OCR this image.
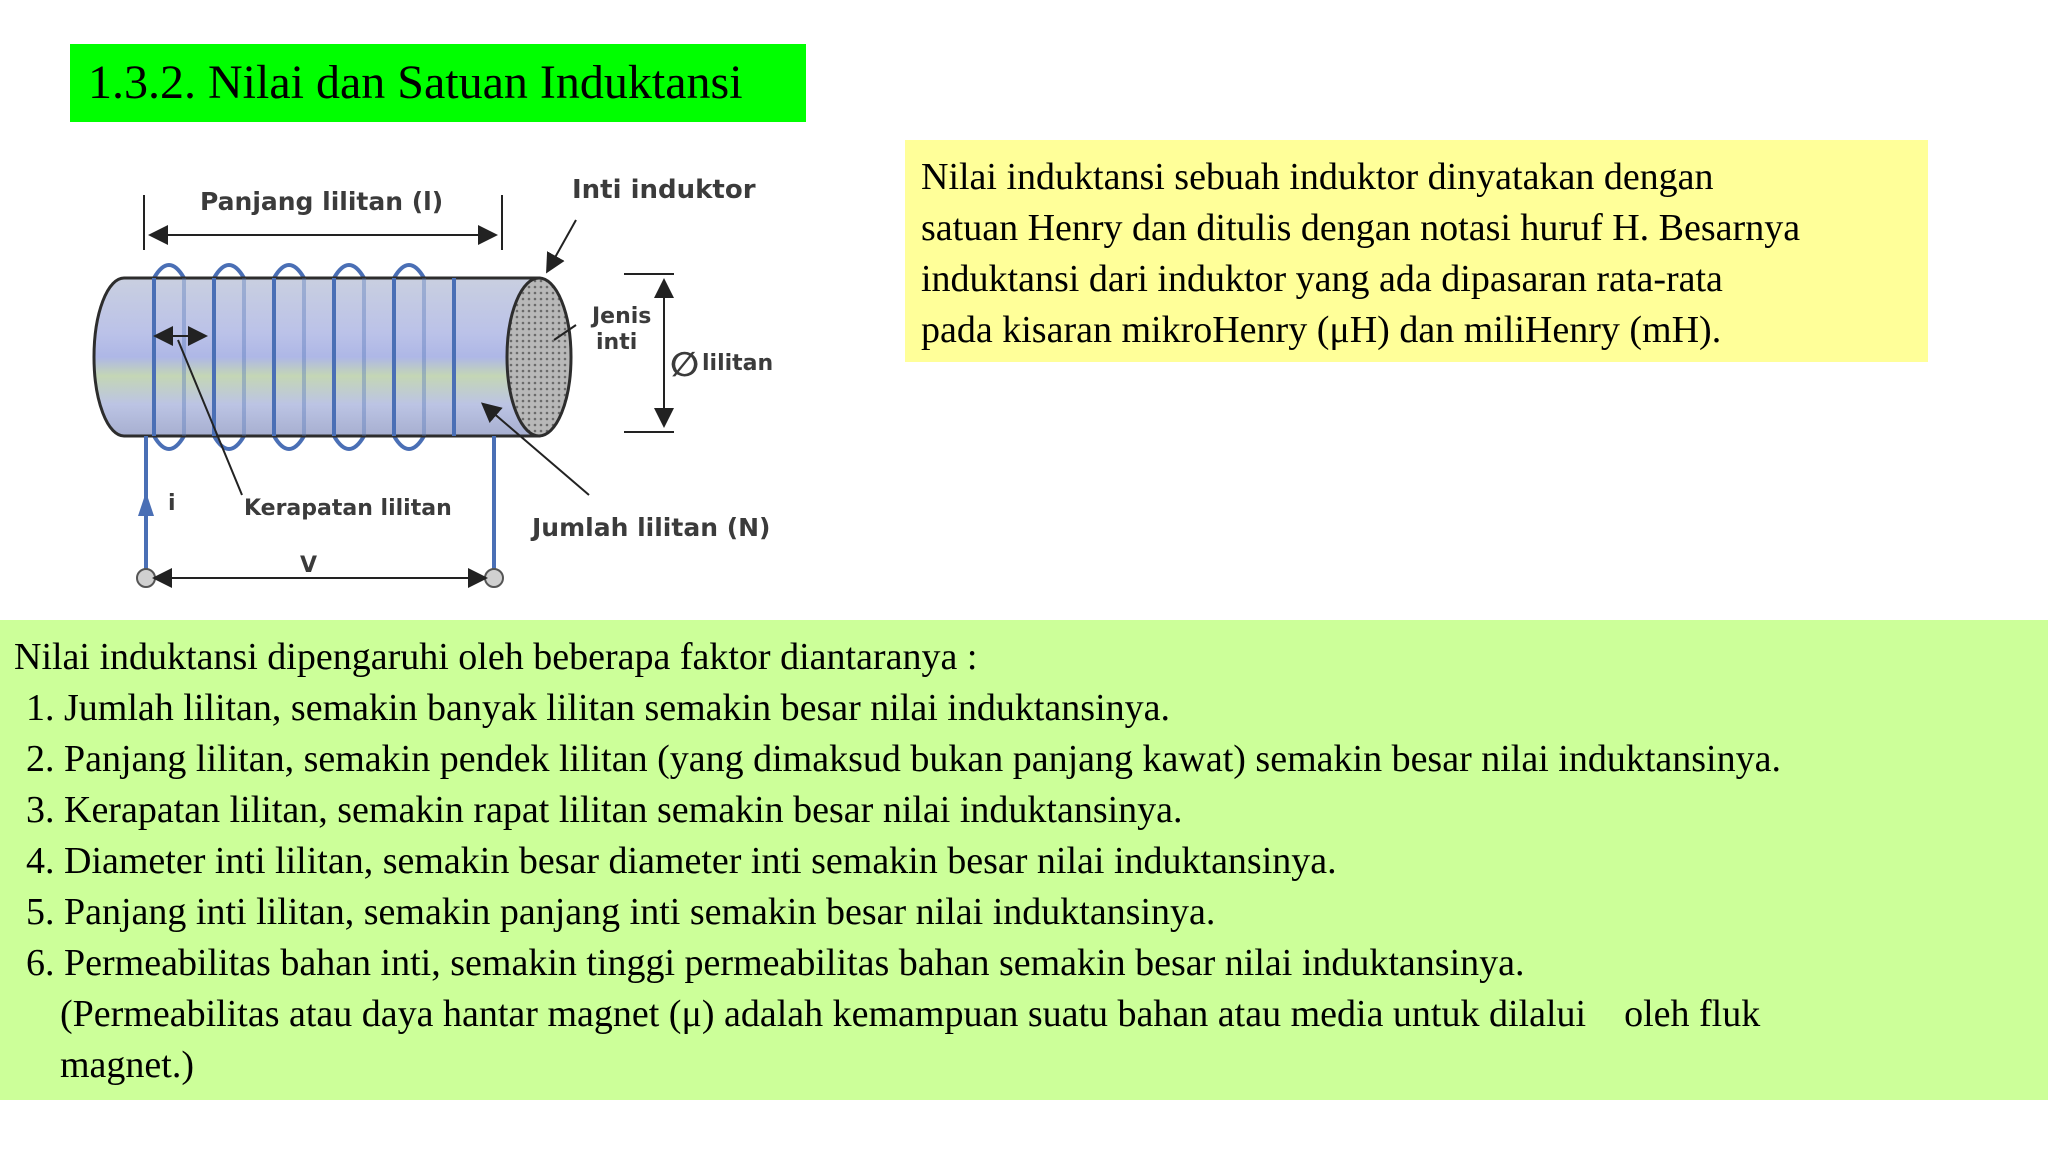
1.3.2. Nilai dan Satuan Induktansi
Panjang lilitan (l)	Inti induktor
Jenis
inti
∅ lilitan
Kerapatan lilitan
Jumlah lilitan (N)
i
V

Nilai induktansi sebuah induktor dinyatakan dengan

satuan Henry dan ditulis dengan notasi huruf H. Besarnya

induktansi dari induktor yang ada dipasaran rata-rata

pada kisaran mikroHenry (μH) dan miliHenry (mH).

Nilai induktansi dipengaruhi oleh beberapa faktor diantaranya :
1. Jumlah lilitan, semakin banyak lilitan semakin besar nilai induktansinya.
2. Panjang lilitan, semakin pendek lilitan (yang dimaksud bukan panjang kawat) semakin besar nilai induktansinya.
3. Kerapatan lilitan, semakin rapat lilitan semakin besar nilai induktansinya.
4. Diameter inti lilitan, semakin besar diameter inti semakin besar nilai induktansinya.
5. Panjang inti lilitan, semakin panjang inti semakin besar nilai induktansinya.
6. Permeabilitas bahan inti, semakin tinggi permeabilitas bahan semakin besar nilai induktansinya.
(Permeabilitas atau daya hantar magnet (μ) adalah kemampuan suatu bahan atau media untuk dilalui    oleh fluk
magnet.)
